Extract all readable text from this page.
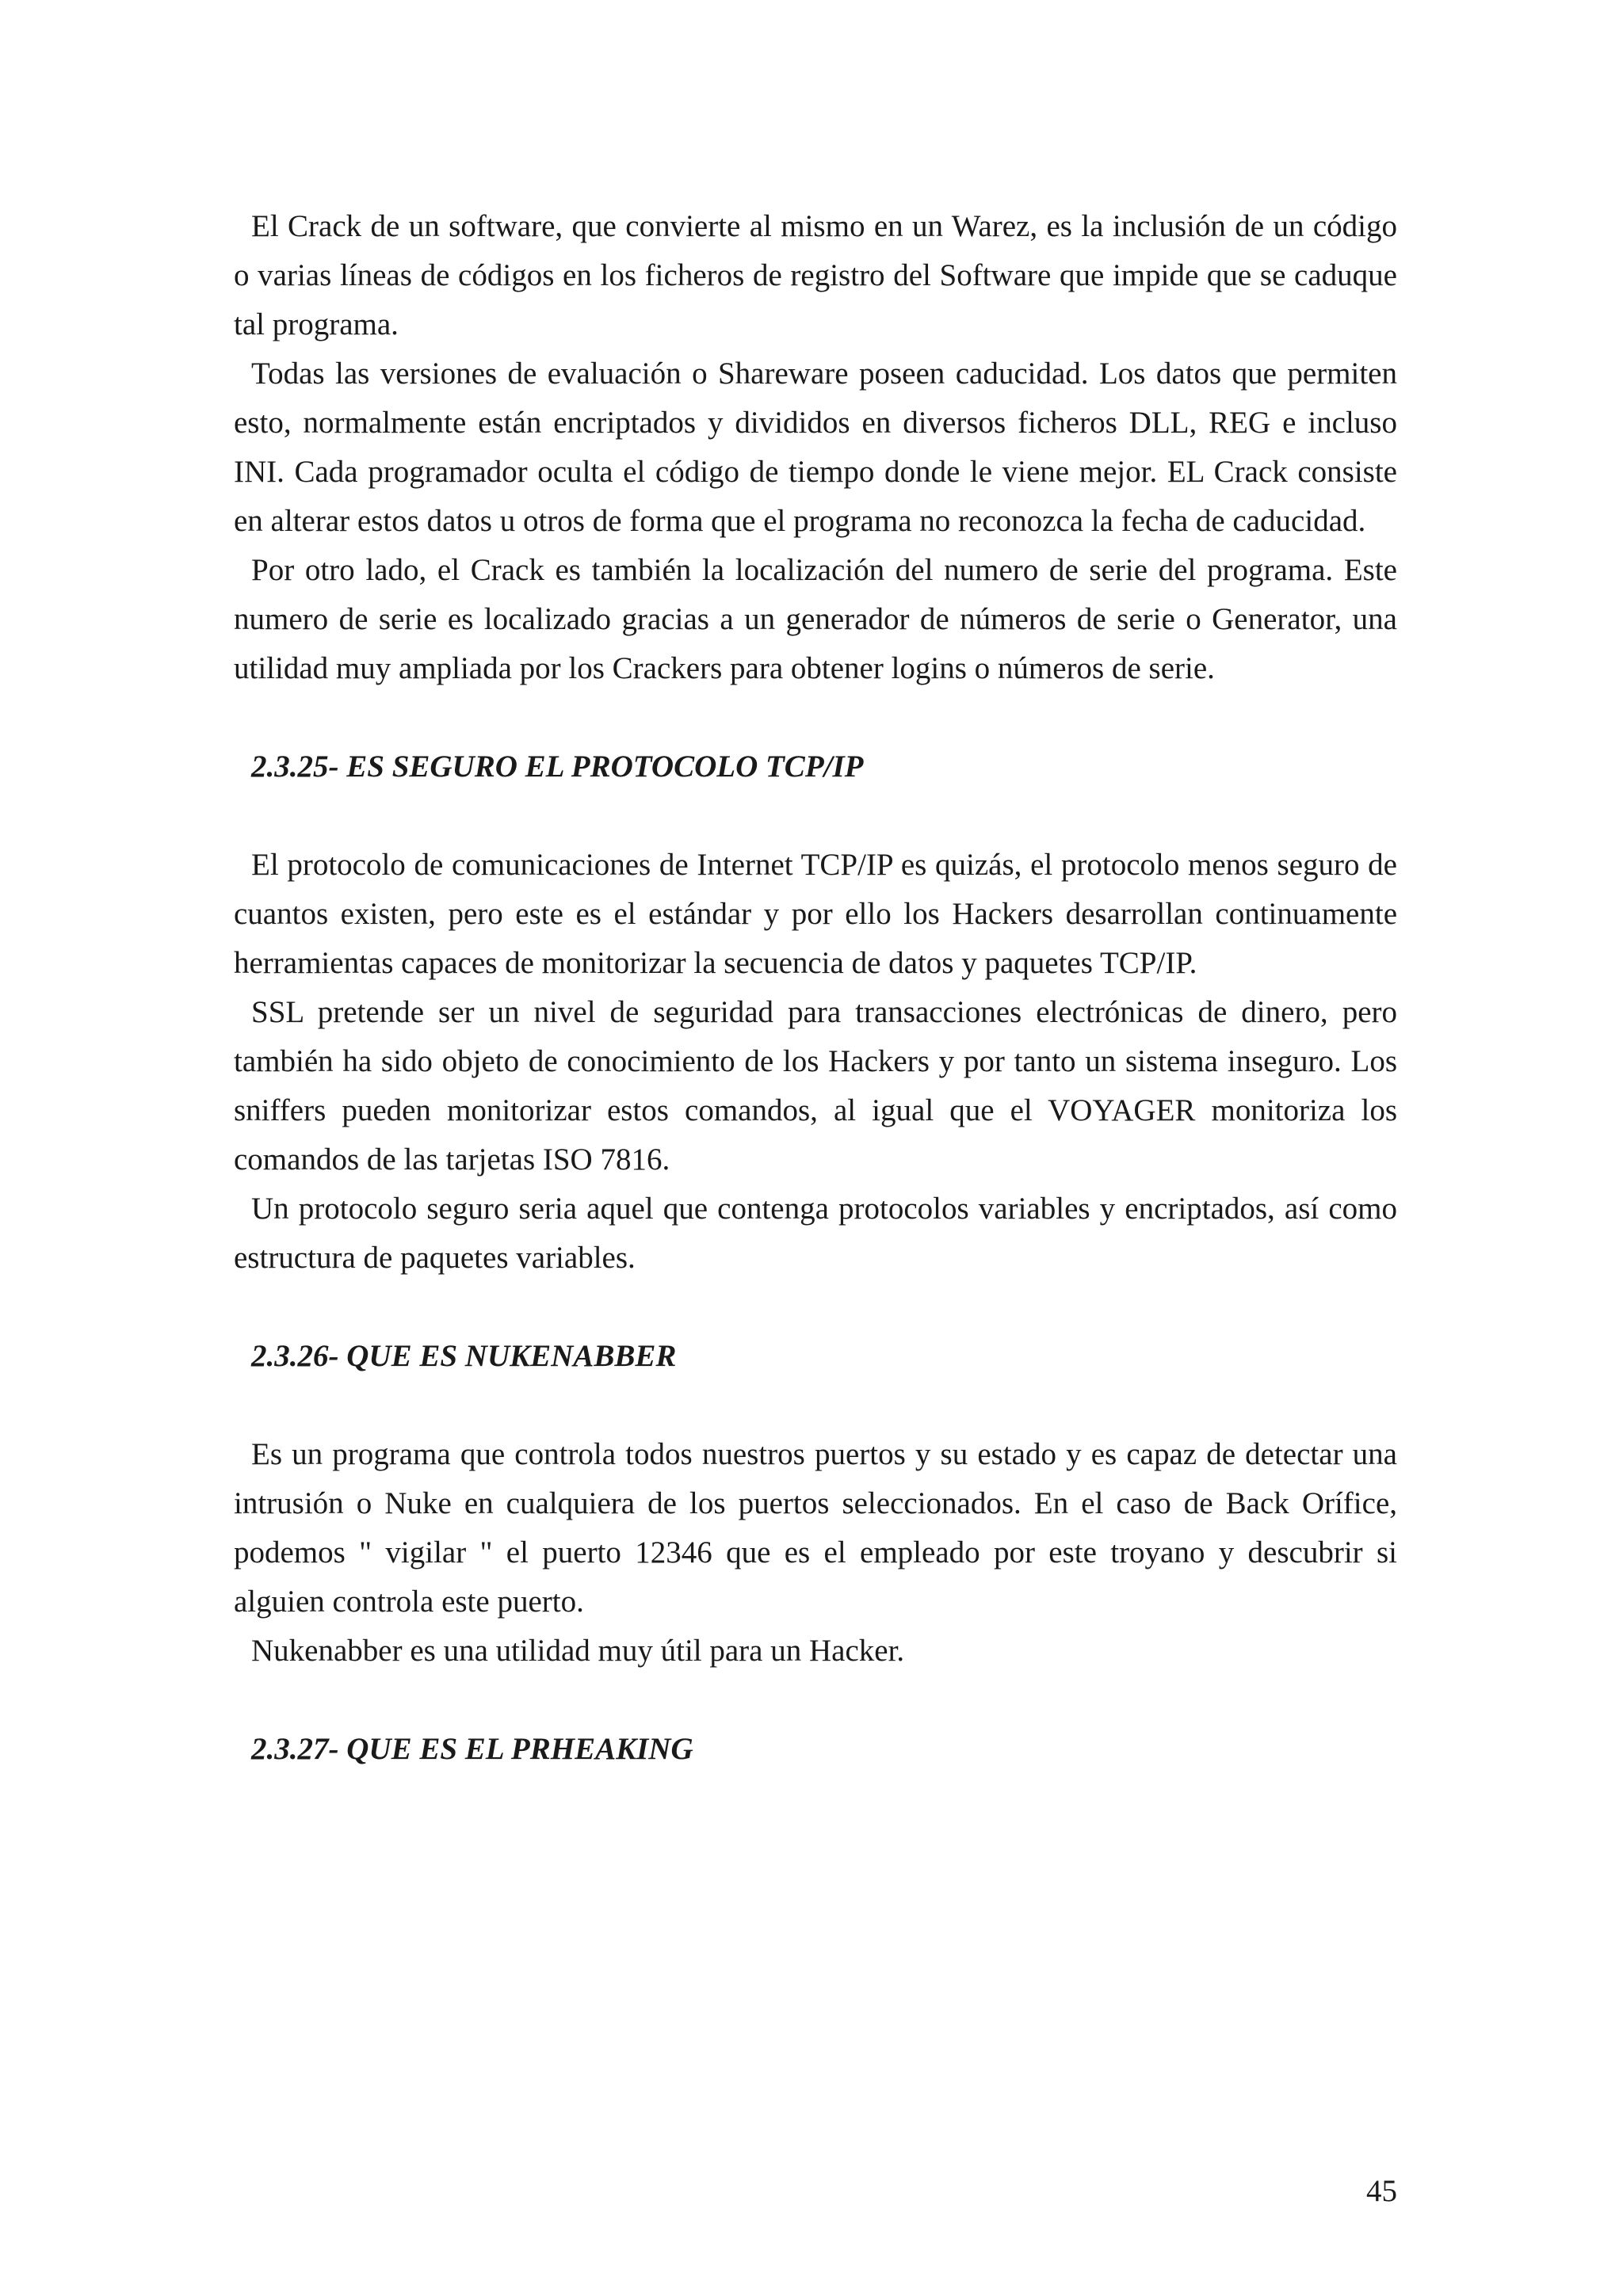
El Crack de un software, que convierte al mismo en un Warez, es la inclusión de un código o varias líneas de códigos en los ficheros de registro del Software que impide que se caduque tal programa.

Todas las versiones de evaluación o Shareware poseen caducidad. Los datos que permiten esto, normalmente están encriptados y divididos en diversos ficheros DLL, REG e incluso INI. Cada programador oculta el código de tiempo donde le viene mejor. EL Crack consiste en alterar estos datos u otros de forma que el programa no reconozca la fecha de caducidad.

Por otro lado, el Crack es también la localización del numero de serie del programa. Este numero de serie es localizado gracias a un generador de números de serie o Generator, una utilidad muy ampliada por los Crackers para obtener logins o números de serie.

2.3.25- ES SEGURO EL PROTOCOLO TCP/IP

El protocolo de comunicaciones de Internet TCP/IP es quizás, el protocolo menos seguro de cuantos existen, pero este es el estándar y por ello los Hackers desarrollan continuamente herramientas capaces de monitorizar la secuencia de datos y paquetes TCP/IP.

SSL pretende ser un nivel de seguridad para transacciones electrónicas de dinero, pero también ha sido objeto de conocimiento de los Hackers y por tanto un sistema inseguro. Los sniffers pueden monitorizar estos comandos, al igual que el VOYAGER monitoriza los comandos de las tarjetas ISO 7816.

Un protocolo seguro seria aquel que contenga protocolos variables y encriptados, así como estructura de paquetes variables.

2.3.26- QUE ES NUKENABBER

Es un programa que controla todos nuestros puertos y su estado y es capaz de detectar una intrusión o Nuke en cualquiera de los puertos seleccionados. En el caso de Back Orífice, podemos " vigilar " el puerto 12346 que es el empleado por este troyano y descubrir si alguien controla este puerto.

Nukenabber es una utilidad muy útil para un Hacker.

2.3.27- QUE ES EL PRHEAKING

45
